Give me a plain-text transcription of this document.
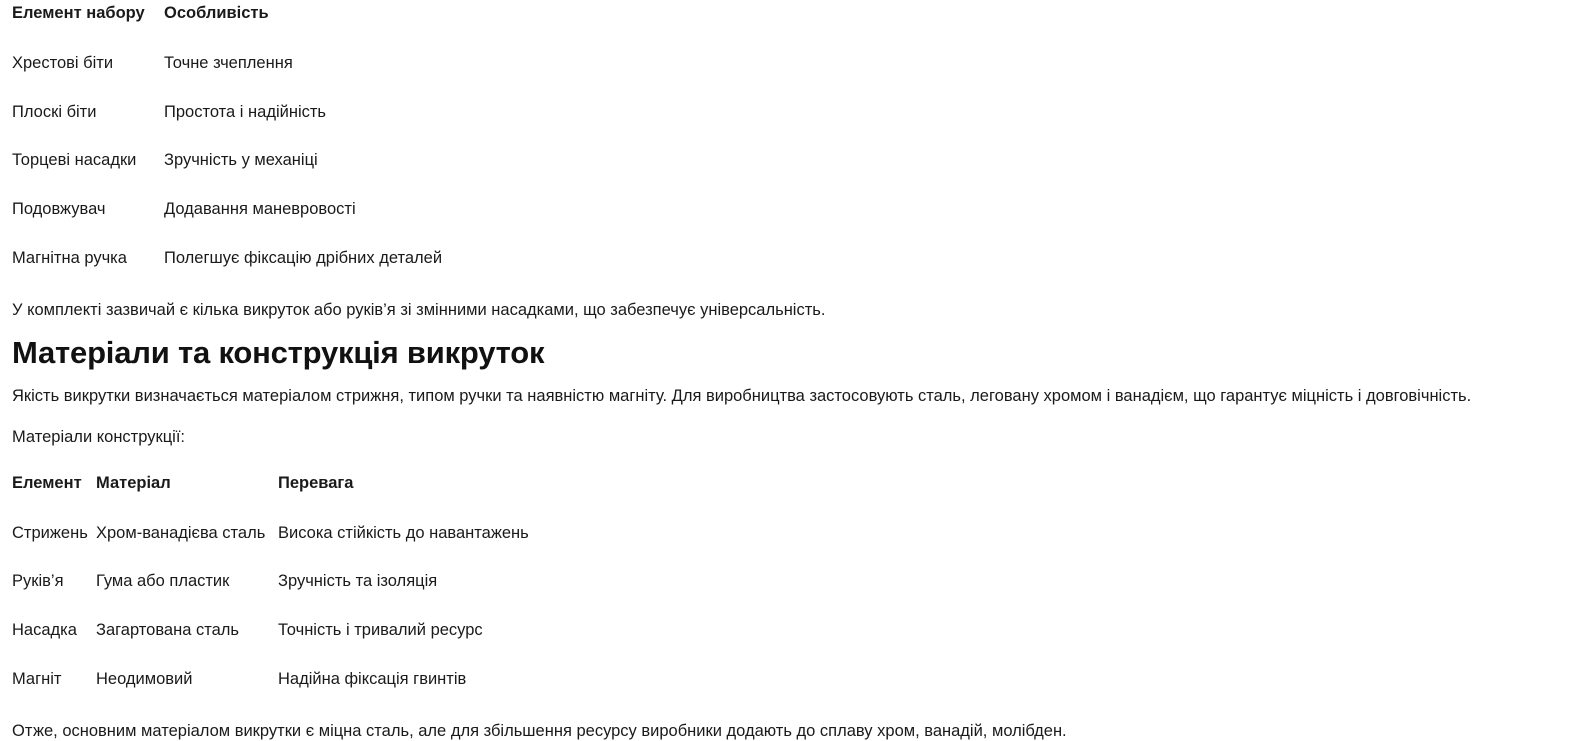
Елемент набору	Особливість
Хрестові біти	Точне зчеплення
Плоскі біти	Простота і надійність
Торцеві насадки	Зручність у механіці
Подовжувач	Додавання маневровості
Магнітна ручка	Полегшує фіксацію дрібних деталей

У комплекті зазвичай є кілька викруток або руків’я зі змінними насадками, що забезпечує універсальність.

Матеріали та конструкція викруток

Якість викрутки визначається матеріалом стрижня, типом ручки та наявністю магніту. Для виробництва застосовують сталь, леговану хромом і ванадієм, що гарантує міцність і довговічність.

Матеріали конструкції:

Елемент	Матеріал	Перевага
Стрижень	Хром-ванадієва сталь	Висока стійкість до навантажень
Руків’я	Гума або пластик	Зручність та ізоляція
Насадка	Загартована сталь	Точність і тривалий ресурс
Магніт	Неодимовий	Надійна фіксація гвинтів

Отже, основним матеріалом викрутки є міцна сталь, але для збільшення ресурсу виробники додають до сплаву хром, ванадій, молібден.
